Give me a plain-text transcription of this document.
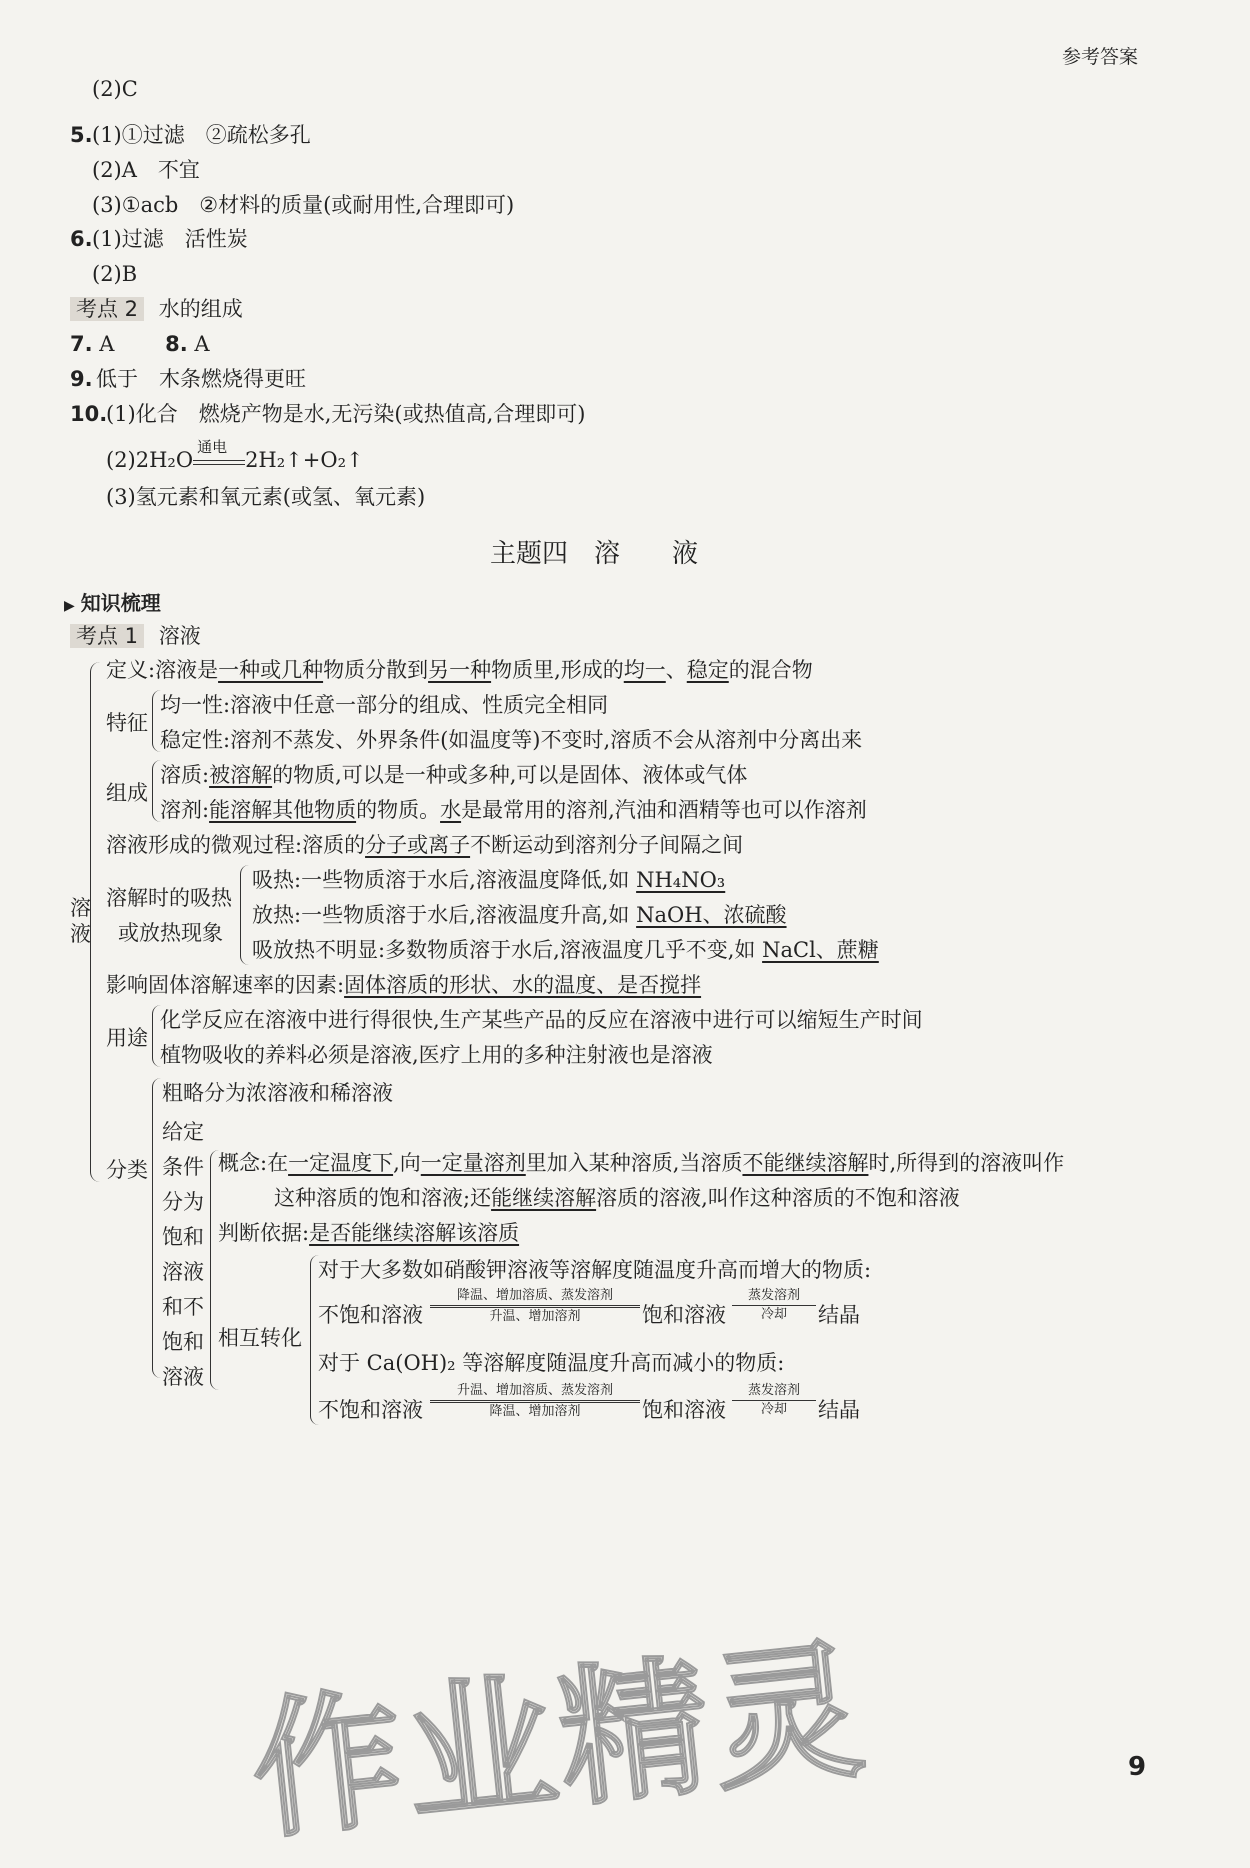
参考答案
(2)C
5. (1)①过滤　②疏松多孔
(2)A　不宜
(3)①acb　②材料的质量(或耐用性,合理即可)
6. (1)过滤　活性炭
(2)B
考点 2 水的组成
7. A 8. A
9. 低于　木条燃烧得更旺
10.
(1)化合　燃烧产物是水,无污染(或热值高,合理即可)
(2)2H₂O
通电
2H₂↑+O₂↑
(3)氢元素和氧元素(或氢、氧元素)
主题四　溶　　液
▶ 知识梳理
考点 1 溶液
溶液
定义:溶液是一种或几种物质分散到另一种物质里,形成的均一、稳定的混合物
特征
均一性:溶液中任意一部分的组成、性质完全相同
稳定性:溶剂不蒸发、外界条件(如温度等)不变时,溶质不会从溶剂中分离出来
组成
溶质:被溶解的物质,可以是一种或多种,可以是固体、液体或气体
溶剂:能溶解其他物质的物质。水是最常用的溶剂,汽油和酒精等也可以作溶剂
溶液形成的微观过程:溶质的分子或离子不断运动到溶剂分子间隔之间
溶解时的吸热
或放热现象
吸热:一些物质溶于水后,溶液温度降低,如 NH₄NO₃
放热:一些物质溶于水后,溶液温度升高,如 NaOH、浓硫酸
吸放热不明显:多数物质溶于水后,溶液温度几乎不变,如 NaCl、蔗糖
影响固体溶解速率的因素:固体溶质的形状、水的温度、是否搅拌
用途
化学反应在溶液中进行得很快,生产某些产品的反应在溶液中进行可以缩短生产时间
植物吸收的养料必须是溶液,医疗上用的多种注射液也是溶液
分类
粗略分为浓溶液和稀溶液
给定
条件
分为
饱和
溶液
和不
饱和
溶液
概念:在一定温度下,向一定量溶剂里加入某种溶质,当溶质不能继续溶解时,所得到的溶液叫作
这种溶质的饱和溶液;还能继续溶解溶质的溶液,叫作这种溶质的不饱和溶液
判断依据:是否能继续溶解该溶质
相互转化
对于大多数如硝酸钾溶液等溶解度随温度升高而增大的物质:
不饱和溶液
降温、增加溶质、蒸发溶剂
升温、增加溶剂	饱和溶液
蒸发溶剂
冷却	结晶
对于 Ca(OH)₂ 等溶解度随温度升高而减小的物质:
不饱和溶液
升温、增加溶质、蒸发溶剂
降温、增加溶剂	饱和溶液
蒸发溶剂
冷却	结晶
作业精灵	9
